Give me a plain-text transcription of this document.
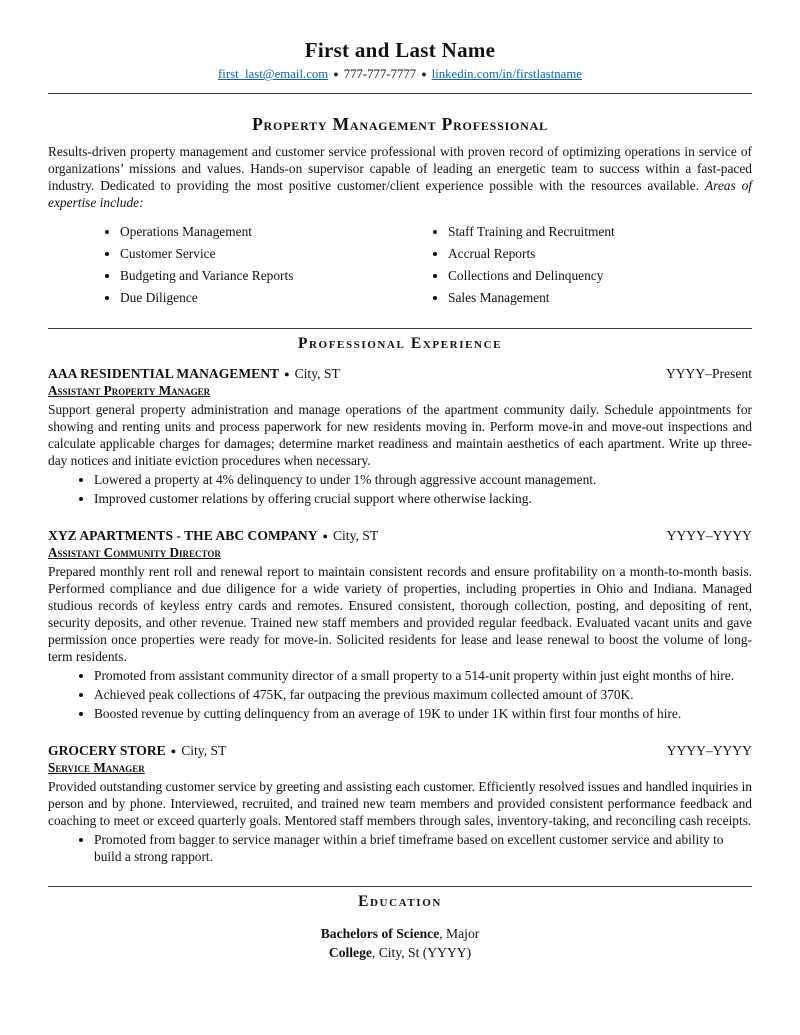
First and Last Name
first_last@email.com ● 777-777-7777 ● linkedin.com/in/firstlastname
Property Management Professional

Results-driven property management and customer service professional with proven record of optimizing operations in service of organizations’ missions and values. Hands-on supervisor capable of leading an energetic team to success within a fast-paced industry. Dedicated to providing the most positive customer/client experience possible with the resources available. Areas of expertise include:

• Operations Management
• Customer Service
• Budgeting and Variance Reports
• Due Diligence
• Staff Training and Recruitment
• Accrual Reports
• Collections and Delinquency
• Sales Management
Professional Experience
AAA RESIDENTIAL MANAGEMENT ● City, ST	YYYY–Present
Assistant Property Manager

Support general property administration and manage operations of the apartment community daily. Schedule appointments for showing and renting units and process paperwork for new residents moving in. Perform move-in and move-out inspections and calculate applicable charges for damages; determine market readiness and maintain aesthetics of each apartment. Write up three-day notices and initiate eviction procedures when necessary.

• Lowered a property at 4% delinquency to under 1% through aggressive account management.
• Improved customer relations by offering crucial support where otherwise lacking.
XYZ APARTMENTS - THE ABC COMPANY ● City, ST	YYYY–YYYY
Assistant Community Director

Prepared monthly rent roll and renewal report to maintain consistent records and ensure profitability on a month-to-month basis. Performed compliance and due diligence for a wide variety of properties, including properties in Ohio and Indiana. Managed studious records of keyless entry cards and remotes. Ensured consistent, thorough collection, posting, and depositing of rent, security deposits, and other revenue. Trained new staff members and provided regular feedback. Evaluated vacant units and gave permission once properties were ready for move-in. Solicited residents for lease and lease renewal to boost the volume of long-term residents.

• Promoted from assistant community director of a small property to a 514-unit property within just eight months of hire.
• Achieved peak collections of 475K, far outpacing the previous maximum collected amount of 370K.
• Boosted revenue by cutting delinquency from an average of 19K to under 1K within first four months of hire.
GROCERY STORE ● City, ST	YYYY–YYYY
Service Manager

Provided outstanding customer service by greeting and assisting each customer. Efficiently resolved issues and handled inquiries in person and by phone. Interviewed, recruited, and trained new team members and provided consistent performance feedback and coaching to meet or exceed quarterly goals. Mentored staff members through sales, inventory-taking, and reconciling cash receipts.

• Promoted from bagger to service manager within a brief timeframe based on excellent customer service and ability to build a strong rapport.
Education

Bachelors of Science, Major

College, City, St (YYYY)
